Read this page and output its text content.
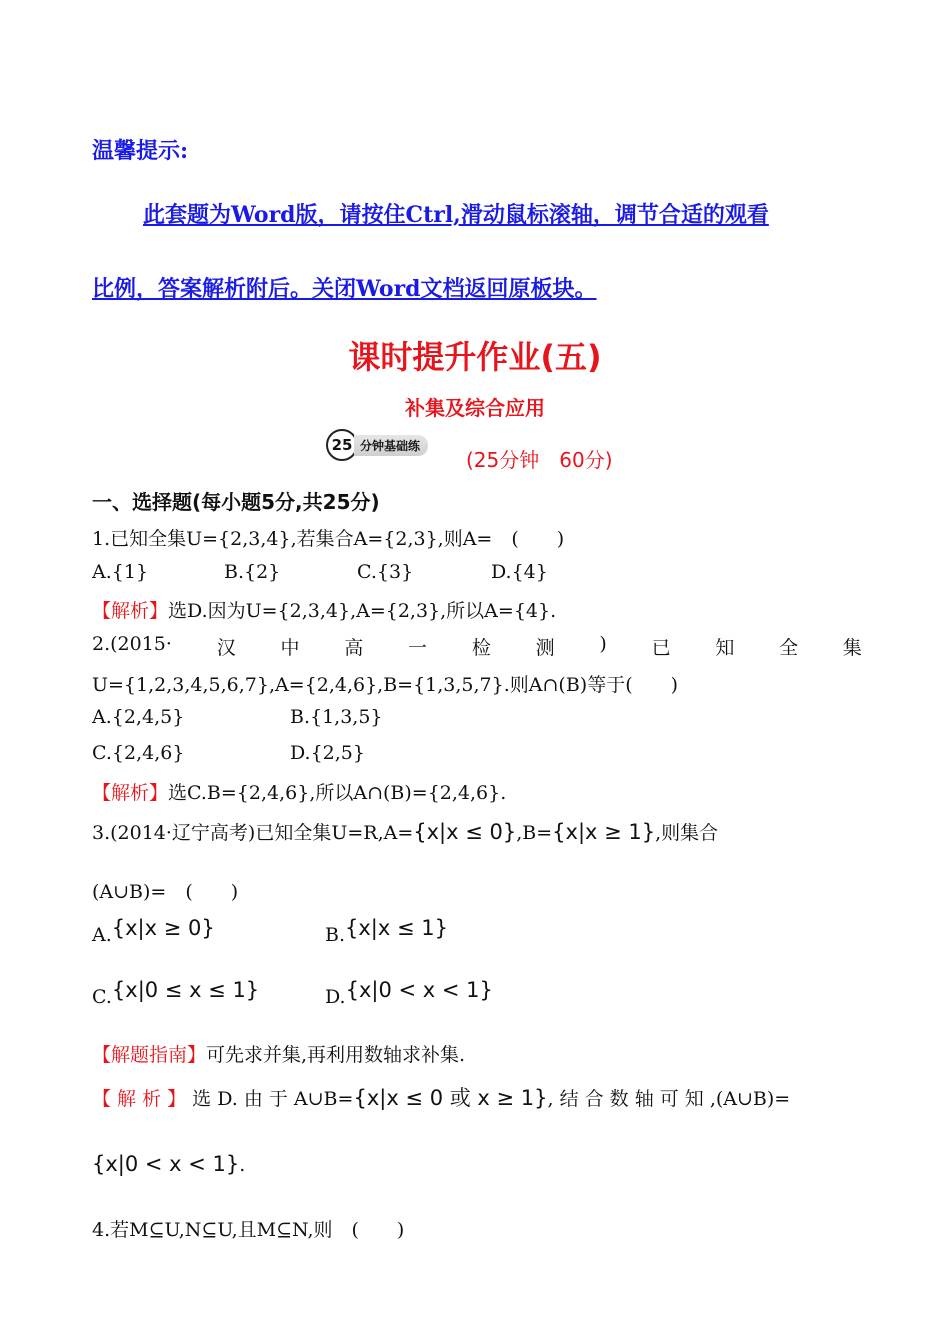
温馨提示:
此套题为Word版，请按住Ctrl,滑动鼠标滚轴，调节合适的观看
比例，答案解析附后。关闭Word文档返回原板块。
课时提升作业(五)
补集及综合应用
25 分钟基础练
(25分钟　60分)
一、选择题(每小题5分,共25分)
1.已知全集U={2,3,4},若集合A={2,3},则A=　(　　)
A.{1}	B.{2}	C.{3}	D.{4}
【解析】选D.因为U={2,3,4},A={2,3},所以A={4}.
2.(2015· 汉 中 高 一 检 测 ) 已 知 全 集
U={1,2,3,4,5,6,7},A={2,4,6},B={1,3,5,7}.则A∩(B)等于(　　)
A.{2,4,5}	B.{1,3,5}
C.{2,4,6}	D.{2,5}
【解析】选C.B={2,4,6},所以A∩(B)={2,4,6}.
3.(2014·辽宁高考)已知全集U=R,A={x|x ≤ 0},B={x|x ≥ 1},则集合
(A∪B)=　(　　)
A.{x|x ≥ 0}	B.{x|x ≤ 1}
C.{x|0 ≤ x ≤ 1}	D.{x|0 < x < 1}
【解题指南】可先求并集,再利用数轴求补集.
【 解 析 】 选 D. 由 于 A∪B={x|x ≤ 0 或 x ≥ 1}, 结 合 数 轴 可 知 ,(A∪B)=
{x|0 < x < 1}.
4.若M⊆U,N⊆U,且M⊆N,则　(　　)
